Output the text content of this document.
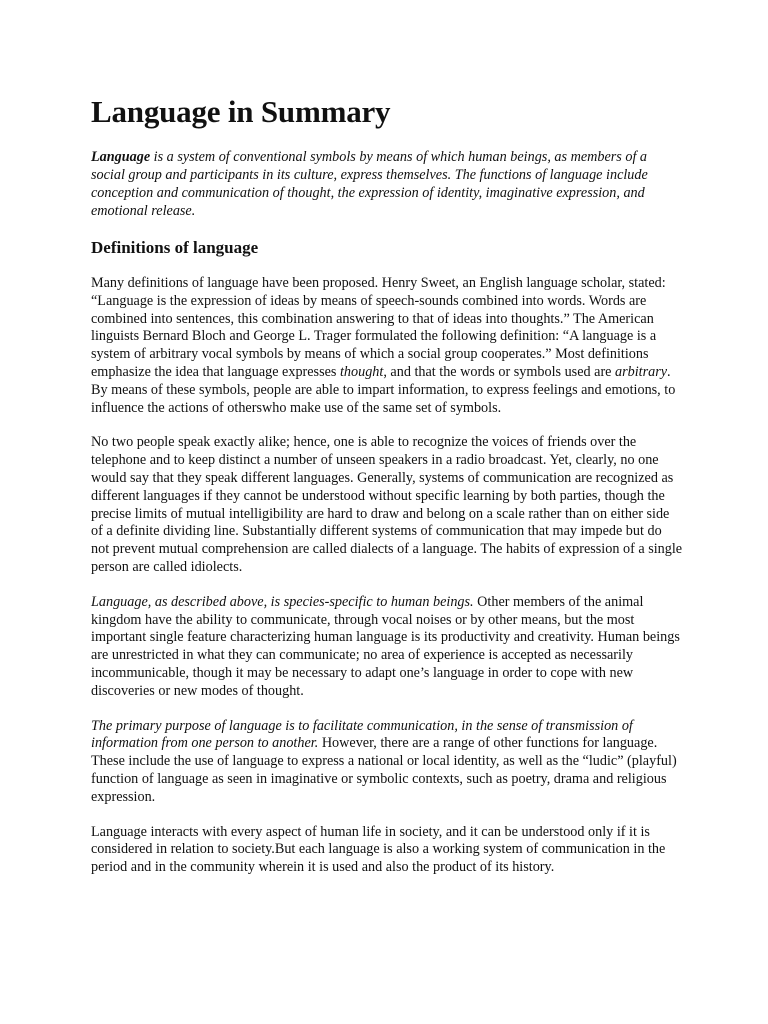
Language in Summary

Language is a system of conventional symbols by means of which human beings, as members of a social group and participants in its culture, express themselves. The functions of language include conception and communication of thought, the expression of identity, imaginative expression, and emotional release.

Definitions of language

Many definitions of language have been proposed. Henry Sweet, an English language scholar, stated: “Language is the expression of ideas by means of speech-sounds combined into words. Words are combined into sentences, this combination answering to that of ideas into thoughts.” The American linguists Bernard Bloch and George L. Trager formulated the following definition: “A language is a system of arbitrary vocal symbols by means of which a social group cooperates.” Most definitions emphasize the idea that language expresses thought, and that the words or symbols used are arbitrary. By means of these symbols, people are able to impart information, to express feelings and emotions, to influence the actions of otherswho make use of the same set of symbols.

No two people speak exactly alike; hence, one is able to recognize the voices of friends over the telephone and to keep distinct a number of unseen speakers in a radio broadcast. Yet, clearly, no one would say that they speak different languages. Generally, systems of communication are recognized as different languages if they cannot be understood without specific learning by both parties, though the precise limits of mutual intelligibility are hard to draw and belong on a scale rather than on either side of a definite dividing line. Substantially different systems of communication that may impede but do not prevent mutual comprehension are called dialects of a language. The habits of expression of a single person are called idiolects.

Language, as described above, is species-specific to human beings. Other members of the animal kingdom have the ability to communicate, through vocal noises or by other means, but the most important single feature characterizing human language is its productivity and creativity. Human beings are unrestricted in what they can communicate; no area of experience is accepted as necessarily incommunicable, though it may be necessary to adapt one’s language in order to cope with new discoveries or new modes of thought.

The primary purpose of language is to facilitate communication, in the sense of transmission of information from one person to another. However, there are a range of other functions for language. These include the use of language to express a national or local identity, as well as the “ludic” (playful) function of language as seen in imaginative or symbolic contexts, such as poetry, drama and religious expression.

Language interacts with every aspect of human life in society, and it can be understood only if it is considered in relation to society.But each language is also a working system of communication in the period and in the community wherein it is used and also the product of its history.
